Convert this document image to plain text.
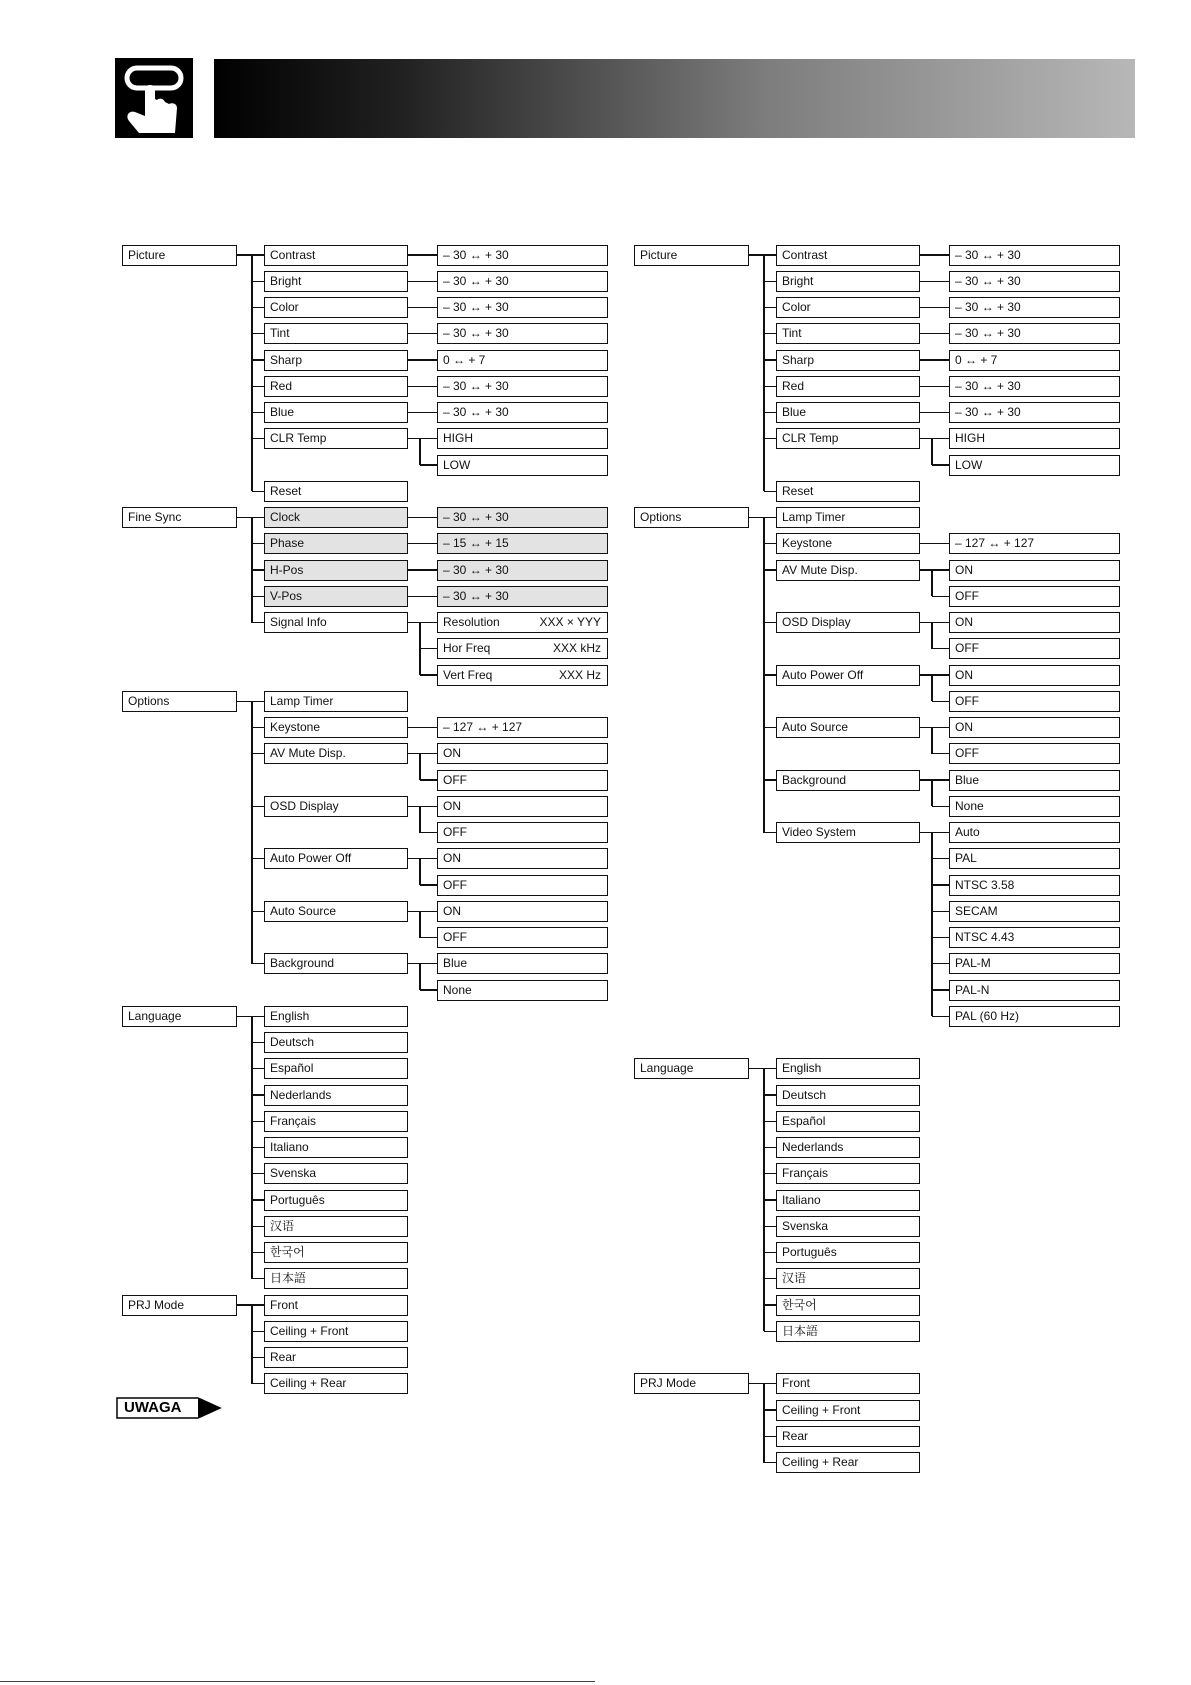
Picture	Contrast	– 30 ↔ + 30
Bright	– 30 ↔ + 30
Color	– 30 ↔ + 30
Tint	– 30 ↔ + 30
Sharp	0 ↔ + 7
Red	– 30 ↔ + 30
Blue	– 30 ↔ + 30
CLR Temp	HIGH
LOW
Reset
Fine Sync	Clock	– 30 ↔ + 30
Phase	– 15 ↔ + 15
H-Pos	– 30 ↔ + 30
V-Pos	– 30 ↔ + 30
Signal Info	Resolution	XXX × YYY
Hor Freq	XXX kHz
Vert Freq	XXX Hz
Options	Lamp Timer
Keystone	– 127 ↔ + 127
AV Mute Disp.	ON
OFF
OSD Display	ON
OFF
Auto Power Off	ON
OFF
Auto Source	ON
OFF
Background	Blue
None
Language	English
Deutsch
Español
Nederlands
Français
Italiano
Svenska
Português
汉语
한국어
日本語
PRJ Mode	Front
Ceiling + Front
Rear
Ceiling + Rear
Picture	Contrast	– 30 ↔ + 30
Bright	– 30 ↔ + 30
Color	– 30 ↔ + 30
Tint	– 30 ↔ + 30
Sharp	0 ↔ + 7
Red	– 30 ↔ + 30
Blue	– 30 ↔ + 30
CLR Temp	HIGH
LOW
Reset
Options	Lamp Timer
Keystone	– 127 ↔ + 127
AV Mute Disp.	ON
OFF
OSD Display	ON
OFF
Auto Power Off	ON
OFF
Auto Source	ON
OFF
Background	Blue
None
Video System	Auto
PAL
NTSC 3.58
SECAM
NTSC 4.43
PAL-M
PAL-N
PAL (60 Hz)
Language	English
Deutsch
Español
Nederlands
Français
Italiano
Svenska
Português
汉语
한국어
日本語
PRJ Mode	Front
Ceiling + Front
Rear
Ceiling + Rear
UWAGA
